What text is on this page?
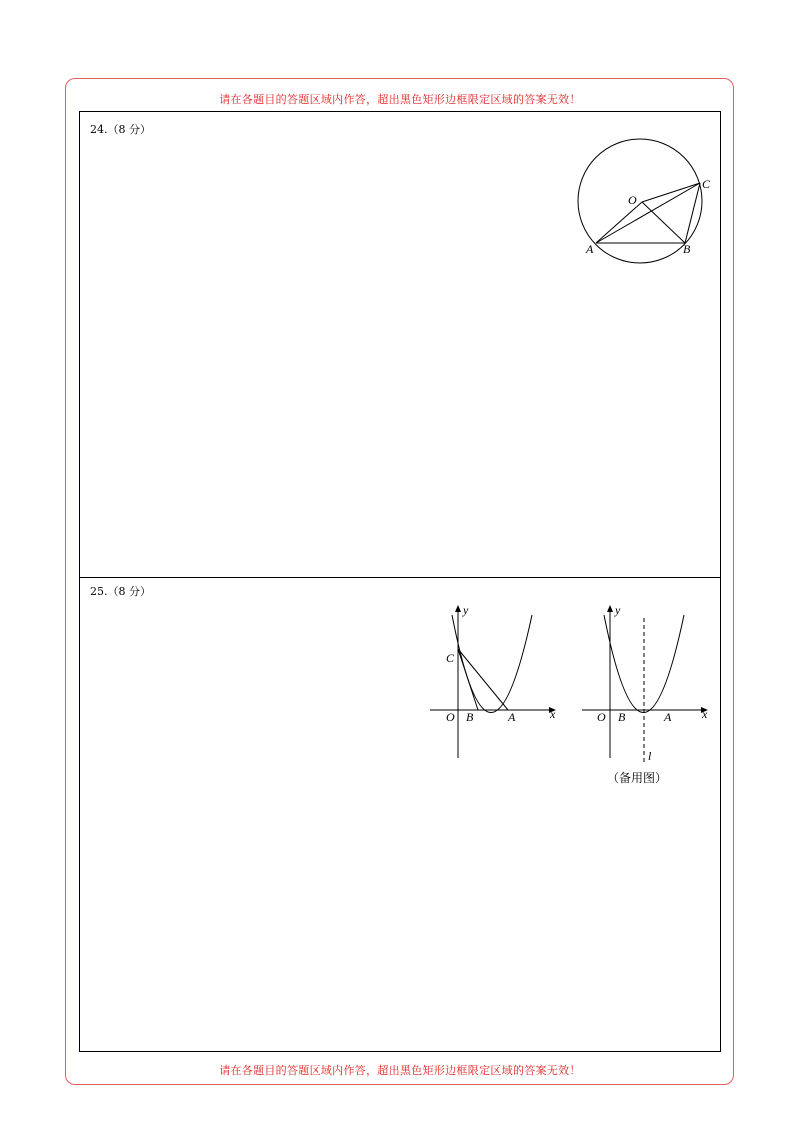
请在各题目的答题区域内作答，超出黑色矩形边框限定区域的答案无效！
24.（8 分）
25.（8 分）
O
C
A	B
y
C
O B	A	x
y
O B	A	x
l
（备用图）
请在各题目的答题区域内作答，超出黑色矩形边框限定区域的答案无效！
